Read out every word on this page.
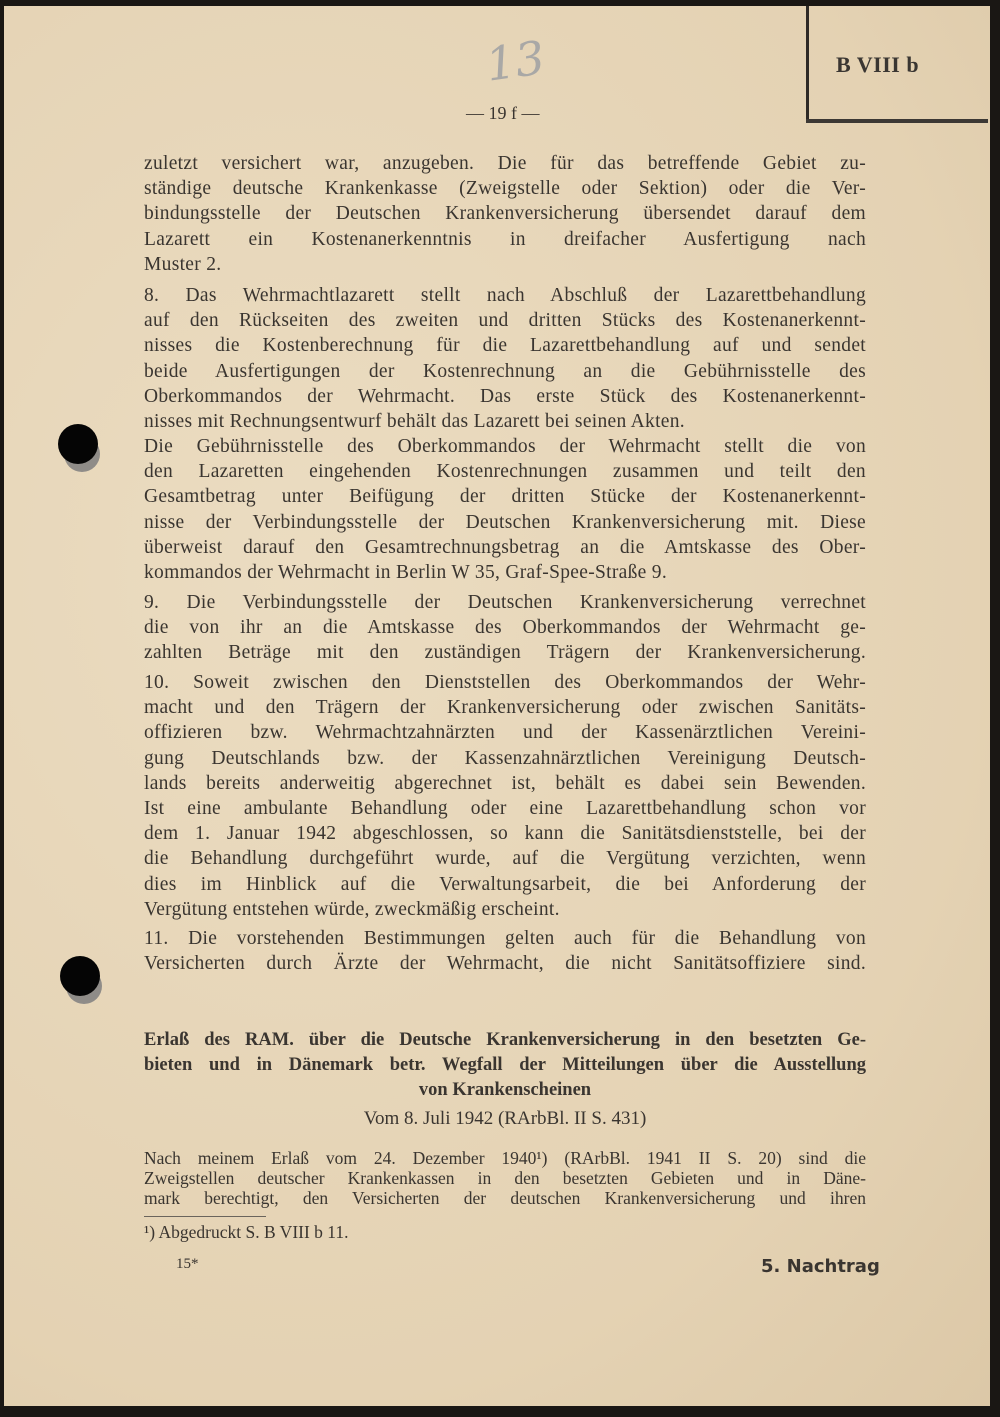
B VIII b
13
— 19 f —
zuletzt versichert war, anzugeben. Die für das betreffende Gebiet zu-
ständige deutsche Krankenkasse (Zweigstelle oder Sektion) oder die Ver-
bindungsstelle der Deutschen Krankenversicherung übersendet darauf dem
Lazarett ein Kostenanerkenntnis in dreifacher Ausfertigung nach
Muster 2.
8. Das Wehrmachtlazarett stellt nach Abschluß der Lazarettbehandlung
auf den Rückseiten des zweiten und dritten Stücks des Kostenanerkennt-
nisses die Kostenberechnung für die Lazarettbehandlung auf und sendet
beide Ausfertigungen der Kostenrechnung an die Gebührnisstelle des
Oberkommandos der Wehrmacht. Das erste Stück des Kostenanerkennt-
nisses mit Rechnungsentwurf behält das Lazarett bei seinen Akten.
Die Gebührnisstelle des Oberkommandos der Wehrmacht stellt die von
den Lazaretten eingehenden Kostenrechnungen zusammen und teilt den
Gesamtbetrag unter Beifügung der dritten Stücke der Kostenanerkennt-
nisse der Verbindungsstelle der Deutschen Krankenversicherung mit. Diese
überweist darauf den Gesamtrechnungsbetrag an die Amtskasse des Ober-
kommandos der Wehrmacht in Berlin W 35, Graf-Spee-Straße 9.
9. Die Verbindungsstelle der Deutschen Krankenversicherung verrechnet
die von ihr an die Amtskasse des Oberkommandos der Wehrmacht ge-
zahlten Beträge mit den zuständigen Trägern der Krankenversicherung.
10. Soweit zwischen den Dienststellen des Oberkommandos der Wehr-
macht und den Trägern der Krankenversicherung oder zwischen Sanitäts-
offizieren bzw. Wehrmachtzahnärzten und der Kassenärztlichen Vereini-
gung Deutschlands bzw. der Kassenzahnärztlichen Vereinigung Deutsch-
lands bereits anderweitig abgerechnet ist, behält es dabei sein Bewenden.
Ist eine ambulante Behandlung oder eine Lazarettbehandlung schon vor
dem 1. Januar 1942 abgeschlossen, so kann die Sanitätsdienststelle, bei der
die Behandlung durchgeführt wurde, auf die Vergütung verzichten, wenn
dies im Hinblick auf die Verwaltungsarbeit, die bei Anforderung der
Vergütung entstehen würde, zweckmäßig erscheint.
11. Die vorstehenden Bestimmungen gelten auch für die Behandlung von
Versicherten durch Ärzte der Wehrmacht, die nicht Sanitätsoffiziere sind.
Erlaß des RAM. über die Deutsche Krankenversicherung in den besetzten Ge-
bieten und in Dänemark betr. Wegfall der Mitteilungen über die Ausstellung
von Krankenscheinen
Vom 8. Juli 1942 (RArbBl. II S. 431)
Nach meinem Erlaß vom 24. Dezember 1940¹) (RArbBl. 1941 II S. 20) sind die
Zweigstellen deutscher Krankenkassen in den besetzten Gebieten und in Däne-
mark berechtigt, den Versicherten der deutschen Krankenversicherung und ihren
¹) Abgedruckt S. B VIII b 11.
15*	5. Nachtrag
